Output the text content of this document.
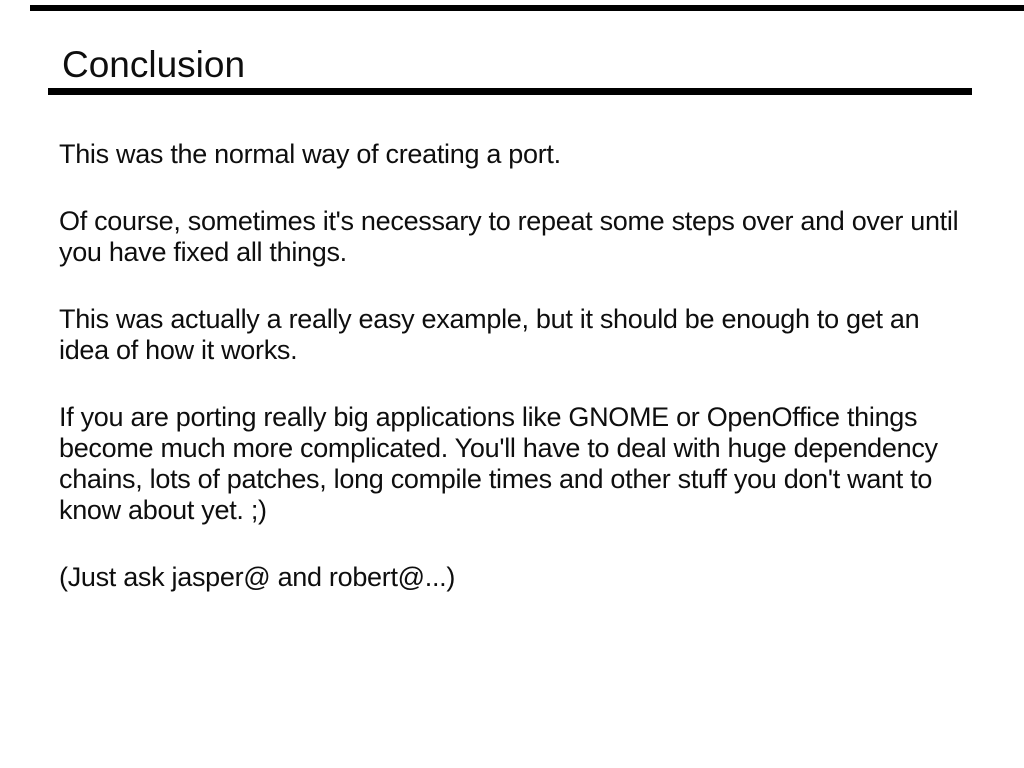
Conclusion
This was the normal way of creating a port.
Of course, sometimes it's necessary to repeat some steps over and over until
you have fixed all things.
This was actually a really easy example, but it should be enough to get an
idea of how it works.
If you are porting really big applications like GNOME or OpenOffice things
become much more complicated. You'll have to deal with huge dependency
chains, lots of patches, long compile times and other stuff you don't want to
know about yet. ;)
(Just ask jasper@ and robert@...)
